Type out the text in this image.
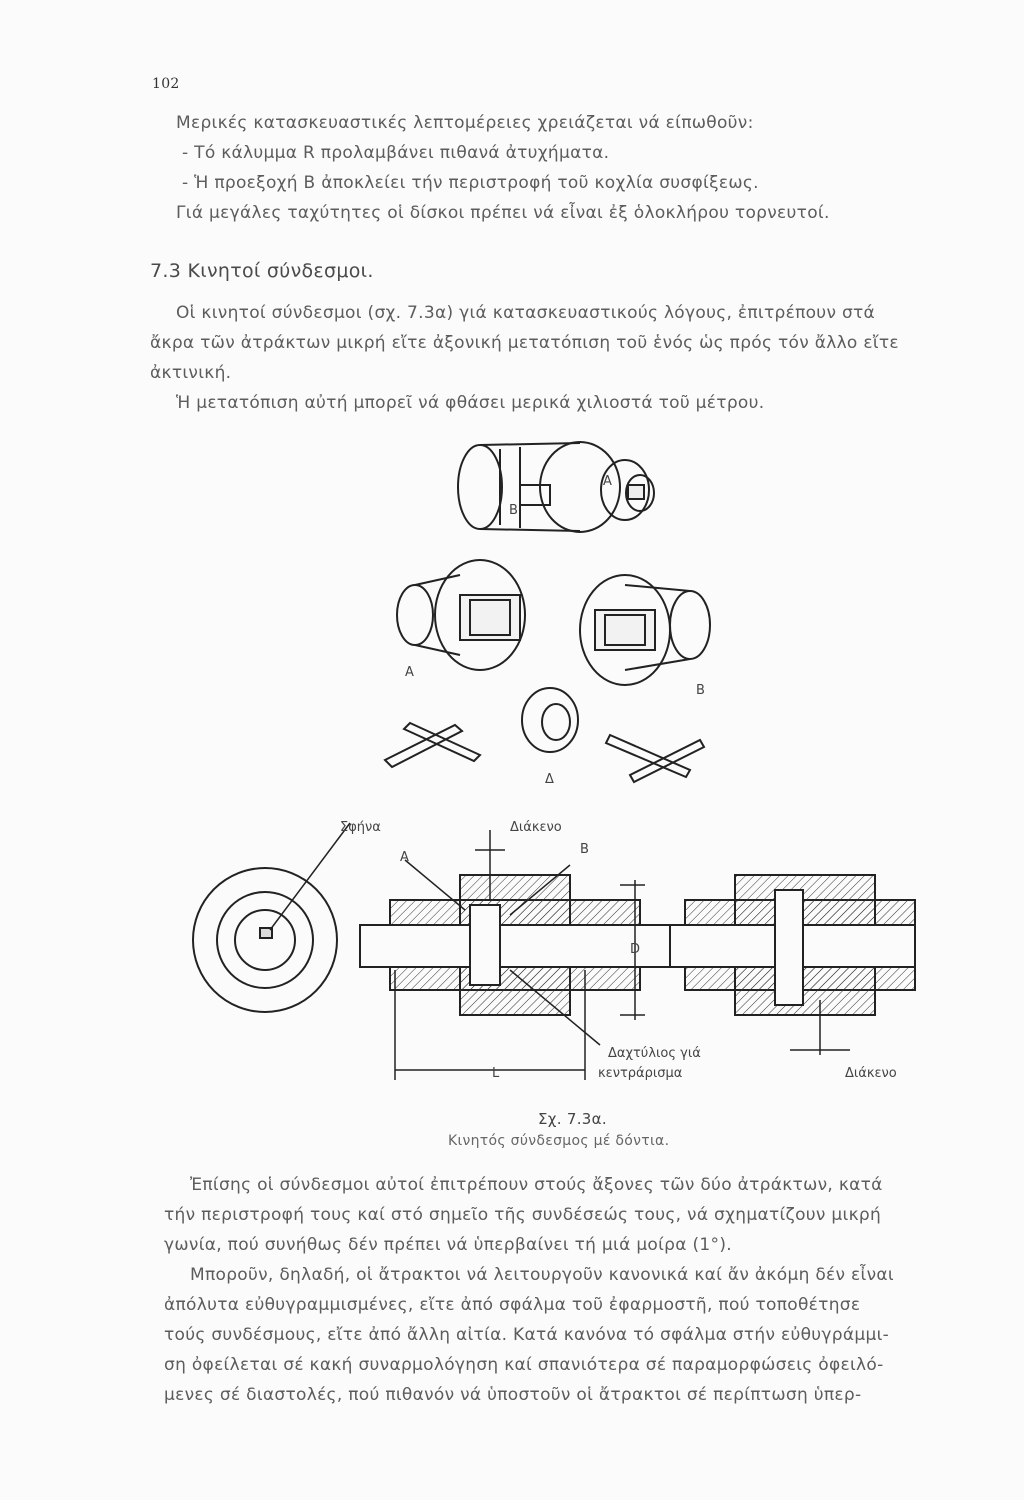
102
Μερικές κατασκευαστικές λεπτομέρειες χρειάζεται νά είπωθοῦν:
- Τό κάλυμμα R προλαμβάνει πιθανά ἀτυχήματα.
- Ἡ προεξοχή Β ἀποκλείει τήν περιστροφή τοῦ κοχλία συσφίξεως.
Γιά μεγάλες ταχύτητες οἱ δίσκοι πρέπει νά εἶναι ἐξ ὁλοκλήρου τορνευτοί.
7.3 Κινητοί σύνδεσμοι.
Οἱ κινητοί σύνδεσμοι (σχ. 7.3α) γιά κατασκευαστικούς λόγους, ἐπιτρέπουν στά
ἄκρα τῶν ἀτράκτων μικρή εἴτε ἀξονική μετατόπιση τοῦ ἑνός ὡς πρός τόν ἄλλο εἴτε
ἀκτινική.
Ἡ μετατόπιση αὐτή μπορεῖ νά φθάσει μερικά χιλιοστά τοῦ μέτρου.
Α
Β
Α
Β
Δ
Σφήνα	Διάκενο
Α
Β
D
L
Δαχτύλιος γιά
κεντράρισμα	Διάκενο
Σχ. 7.3α.
Κινητός σύνδεσμος μέ δόντια.
Ἐπίσης οἱ σύνδεσμοι αὐτοί ἐπιτρέπουν στούς ἄξονες τῶν δύο ἀτράκτων, κατά
τήν περιστροφή τους καί στό σημεῖο τῆς συνδέσεώς τους, νά σχηματίζουν μικρή
γωνία, πού συνήθως δέν πρέπει νά ὑπερβαίνει τή μιά μοίρα (1°).
Μποροῦν, δηλαδή, οἱ ἄτρακτοι νά λειτουργοῦν κανονικά καί ἄν ἀκόμη δέν εἶναι
ἀπόλυτα εὐθυγραμμισμένες, εἴτε ἀπό σφάλμα τοῦ ἐφαρμοστῆ, πού τοποθέτησε
τούς συνδέσμους, εἴτε ἀπό ἄλλη αἰτία. Κατά κανόνα τό σφάλμα στήν εὐθυγράμμι-
ση ὀφείλεται σέ κακή συναρμολόγηση καί σπανιότερα σέ παραμορφώσεις ὀφειλό-
μενες σέ διαστολές, πού πιθανόν νά ὑποστοῦν οἱ ἄτρακτοι σέ περίπτωση ὑπερ-
